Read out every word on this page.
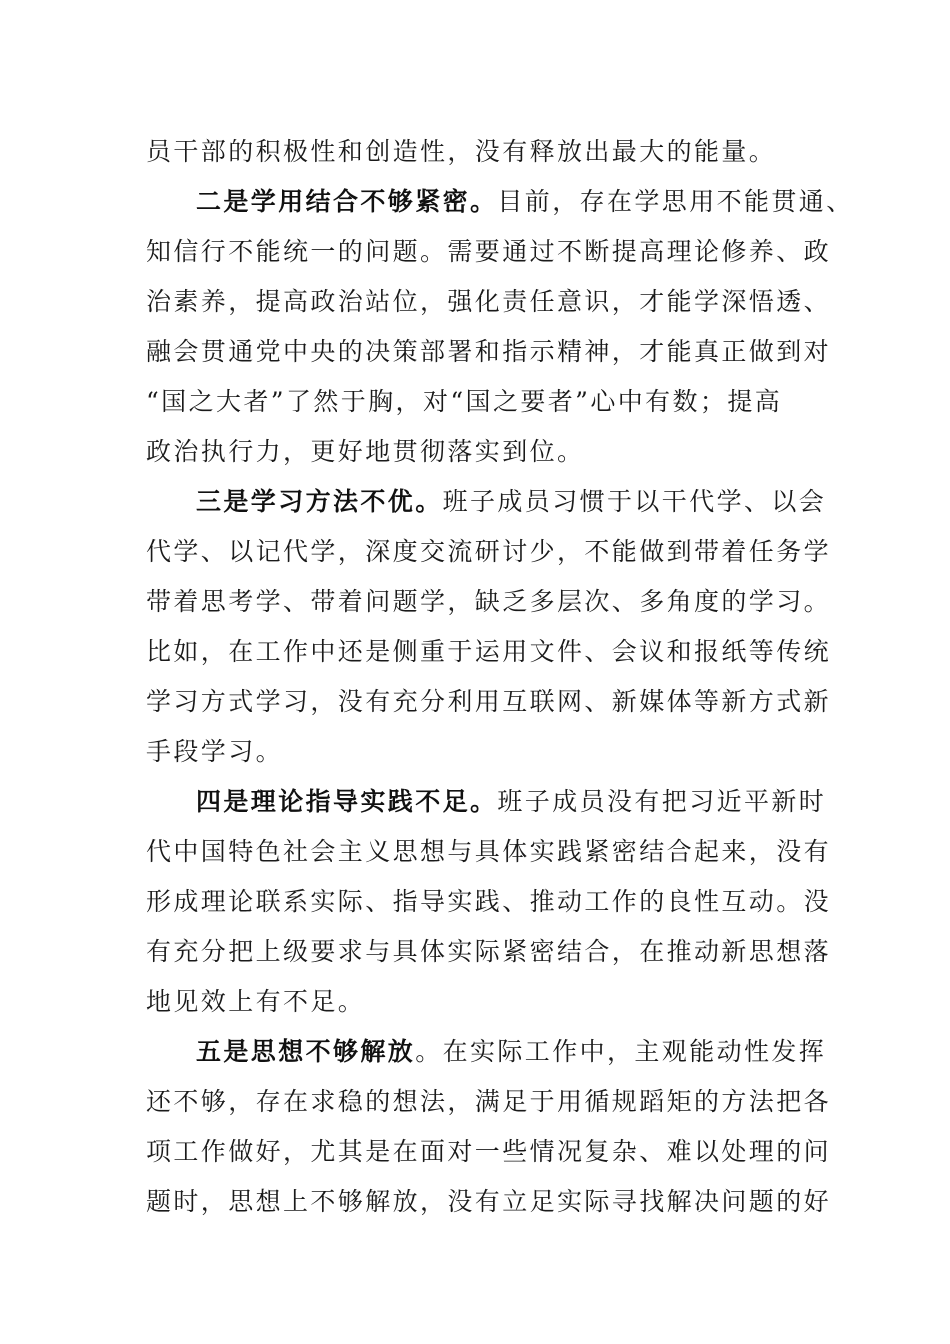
员干部的积极性和创造性，没有释放出最大的能量。
二是学用结合不够紧密。目前，存在学思用不能贯通、
知信行不能统一的问题。需要通过不断提高理论修养、政
治素养，提高政治站位，强化责任意识，才能学深悟透、
融会贯通党中央的决策部署和指示精神，才能真正做到对
“国之大者”了然于胸，对“国之要者”心中有数；提高
政治执行力，更好地贯彻落实到位。
三是学习方法不优。班子成员习惯于以干代学、以会
代学、以记代学，深度交流研讨少，不能做到带着任务学
带着思考学、带着问题学，缺乏多层次、多角度的学习。
比如，在工作中还是侧重于运用文件、会议和报纸等传统
学习方式学习，没有充分利用互联网、新媒体等新方式新
手段学习。
四是理论指导实践不足。班子成员没有把习近平新时
代中国特色社会主义思想与具体实践紧密结合起来，没有
形成理论联系实际、指导实践、推动工作的良性互动。没
有充分把上级要求与具体实际紧密结合，在推动新思想落
地见效上有不足。
五是思想不够解放。在实际工作中，主观能动性发挥
还不够，存在求稳的想法，满足于用循规蹈矩的方法把各
项工作做好，尤其是在面对一些情况复杂、难以处理的问
题时，思想上不够解放，没有立足实际寻找解决问题的好
